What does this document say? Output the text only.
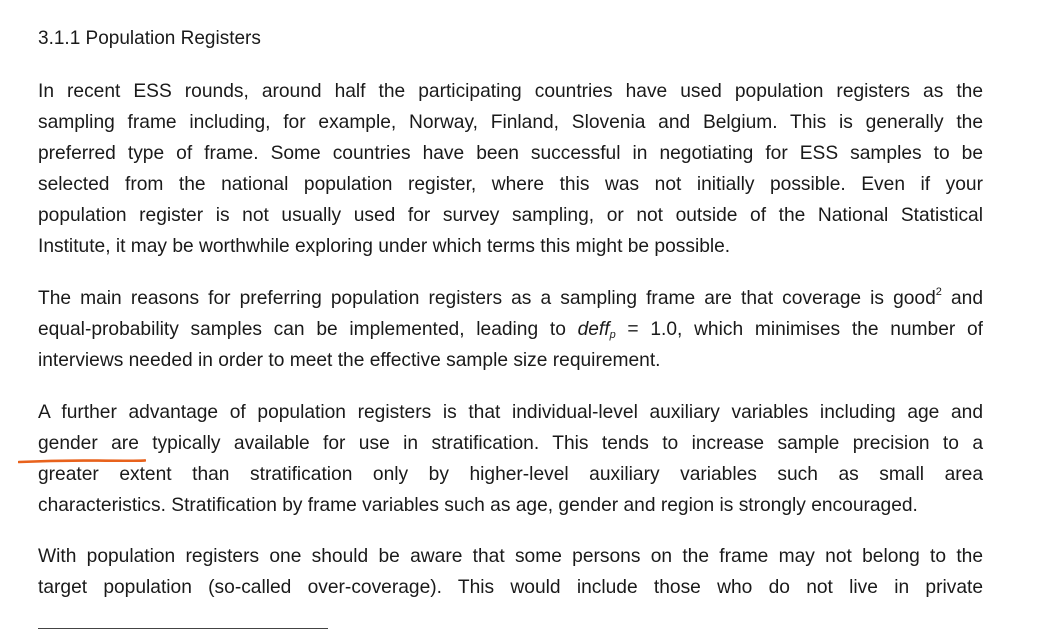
3.1.1 Population Registers
In recent ESS rounds, around half the participating countries have used population registers as the
sampling frame including, for example, Norway, Finland, Slovenia and Belgium. This is generally the
preferred type of frame. Some countries have been successful in negotiating for ESS samples to be
selected from the national population register, where this was not initially possible. Even if your
population register is not usually used for survey sampling, or not outside of the National Statistical
Institute, it may be worthwhile exploring under which terms this might be possible.
The main reasons for preferring population registers as a sampling frame are that coverage is good$^2$ and
equal-probability samples can be implemented, leading to deff$_p$ = 1.0, which minimises the number of
interviews needed in order to meet the effective sample size requirement.
A further advantage of population registers is that individual-level auxiliary variables including age and
gender are typically available for use in stratification. This tends to increase sample precision to a
greater extent than stratification only by higher-level auxiliary variables such as small area
characteristics. Stratification by frame variables such as age, gender and region is strongly encouraged.
With population registers one should be aware that some persons on the frame may not belong to the
target population (so-called over-coverage). This would include those who do not live in private
